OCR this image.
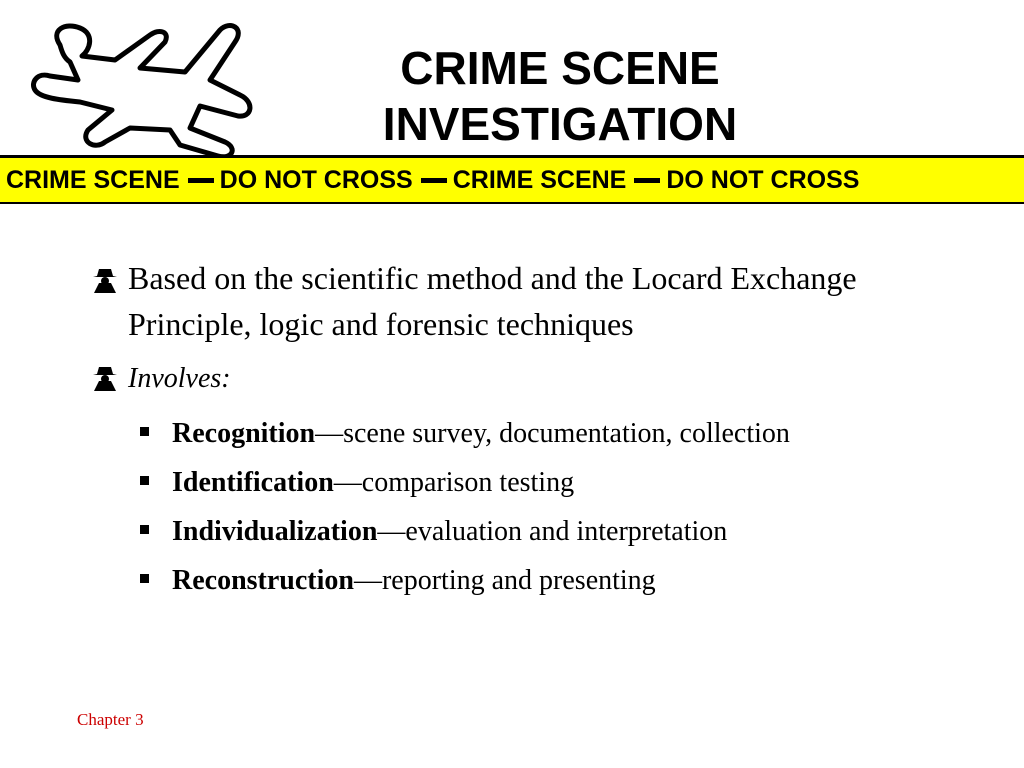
CRIME SCENE
INVESTIGATION
CRIME SCENE DO NOT CROSS CRIME SCENE DO NOT CROSS
Based on the scientific method and the Locard Exchange Principle, logic and forensic techniques
Involves:
Recognition—scene survey, documentation, collection
Identification—comparison testing
Individualization—evaluation and interpretation
Reconstruction—reporting and presenting
Chapter 3
